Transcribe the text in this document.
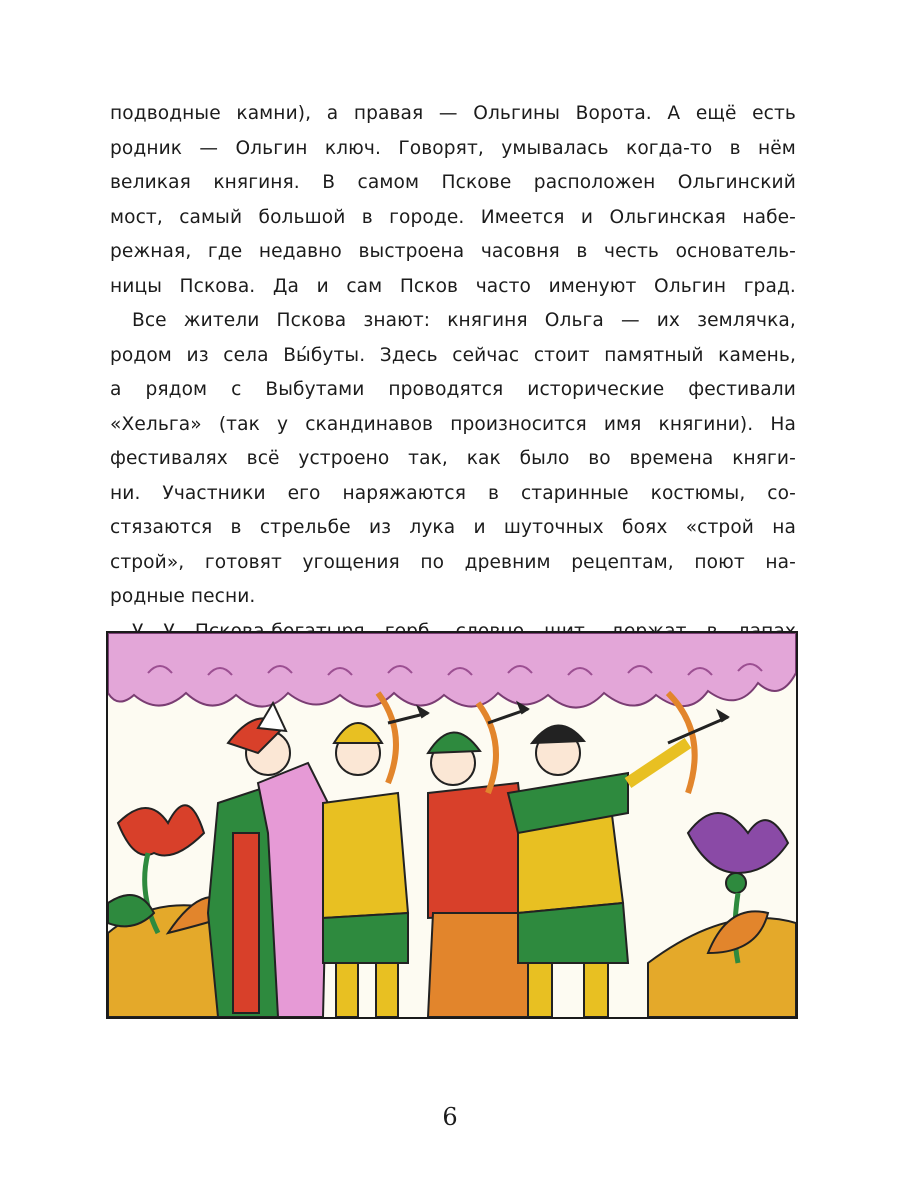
подводные камни), а правая — Ольгины Ворота. А ещё есть
родник — Ольгин ключ. Говорят, умывалась когда-то в нём
великая княгиня. В самом Пскове расположен Ольгинский
мост, самый большой в городе. Имеется и Ольгинская набе-
режная, где недавно выстроена часовня в честь основатель-
ницы Пскова. Да и сам Псков часто именуют Ольгин град.
Все жители Пскова знают: княгиня Ольга — их землячка,
родом из села Вы́буты. Здесь сейчас стоит памятный камень,
а рядом с Выбутами проводятся исторические фестивали
«Хельга» (так у скандинавов произносится имя княгини). На
фестивалях всё устроено так, как было во времена княги-
ни. Участники его наряжаются в старинные костюмы, со-
стязаются в стрельбе из лука и шуточных боях «строй на
строй», готовят угощения по древним рецептам, поют на-
родные песни.
6
